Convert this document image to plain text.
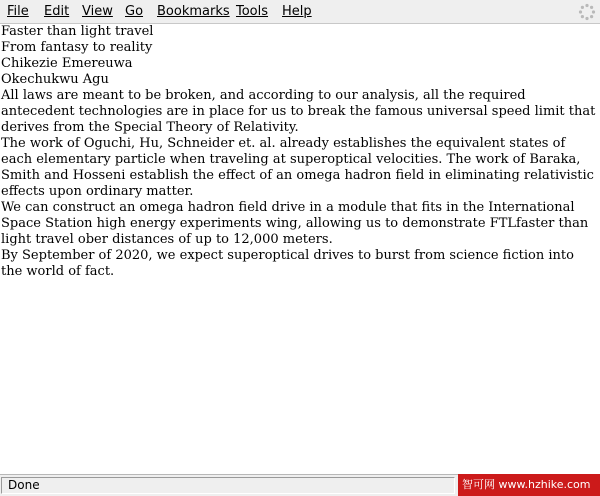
File Edit View Go Bookmarks Tools Help
Faster than light travel
From fantasy to reality
Chikezie Emereuwa
Okechukwu Agu
All laws are meant to be broken, and according to our analysis, all the required antecedent technologies are in place for us to break the famous universal speed limit that derives from the Special Theory of Relativity.
The work of Oguchi, Hu, Schneider et. al. already establishes the equivalent states of each elementary particle when traveling at superoptical velocities. The work of Baraka, Smith and Hosseni establish the effect of an omega hadron field in eliminating relativistic effects upon ordinary matter.
We can construct an omega hadron field drive in a module that fits in the International Space Station high energy experiments wing, allowing us to demonstrate FTLfaster than light travel ober distances of up to 12,000 meters.
By September of 2020, we expect superoptical drives to burst from science fiction into the world of fact.
Done	智可网 www.hzhike.com
